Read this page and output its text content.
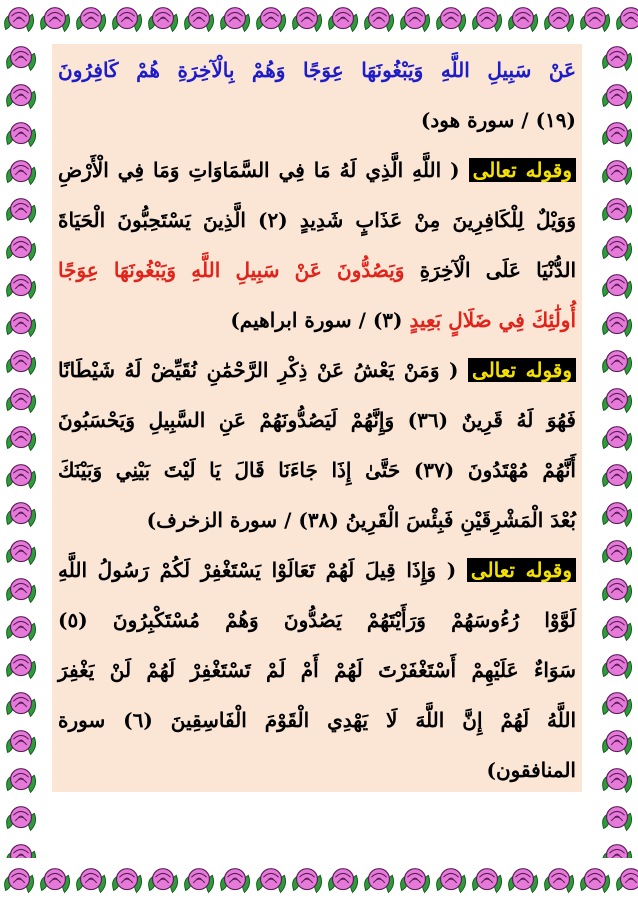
عَنْ سَبِيلِ اللَّهِ وَيَبْغُونَهَا عِوَجًا وَهُمْ بِالْآخِرَةِ هُمْ كَافِرُونَ
(١٩) / سورة هود)
وقوله تعالى ( اللَّهِ الَّذِي لَهُ مَا فِي السَّمَاوَاتِ وَمَا فِي الْأَرْضِ
وَوَيْلٌ لِلْكَافِرِينَ مِنْ عَذَابٍ شَدِيدٍ (٢) الَّذِينَ يَسْتَحِبُّونَ الْحَيَاةَ
الدُّنْيَا عَلَى الْآخِرَةِ وَيَصُدُّونَ عَنْ سَبِيلِ اللَّهِ وَيَبْغُونَهَا عِوَجًا
أُولَٰئِكَ فِي ضَلَالٍ بَعِيدٍ (٣) / سورة ابراهيم)
وقوله تعالى ( وَمَنْ يَعْشُ عَنْ ذِكْرِ الرَّحْمَٰنِ نُقَيِّضْ لَهُ شَيْطَانًا
فَهُوَ لَهُ قَرِينٌ (٣٦) وَإِنَّهُمْ لَيَصُدُّونَهُمْ عَنِ السَّبِيلِ وَيَحْسَبُونَ
أَنَّهُمْ مُهْتَدُونَ (٣٧) حَتَّىٰ إِذَا جَاءَنَا قَالَ يَا لَيْتَ بَيْنِي وَبَيْنَكَ
بُعْدَ الْمَشْرِقَيْنِ فَبِئْسَ الْقَرِينُ (٣٨) / سورة الزخرف)
وقوله تعالى ( وَإِذَا قِيلَ لَهُمْ تَعَالَوْا يَسْتَغْفِرْ لَكُمْ رَسُولُ اللَّهِ
لَوَّوْا رُءُوسَهُمْ وَرَأَيْتَهُمْ يَصُدُّونَ وَهُمْ مُسْتَكْبِرُونَ (٥)
سَوَاءٌ عَلَيْهِمْ أَسْتَغْفَرْتَ لَهُمْ أَمْ لَمْ تَسْتَغْفِرْ لَهُمْ لَنْ يَغْفِرَ
اللَّهُ لَهُمْ إِنَّ اللَّهَ لَا يَهْدِي الْقَوْمَ الْفَاسِقِينَ (٦) سورة
المنافقون)
